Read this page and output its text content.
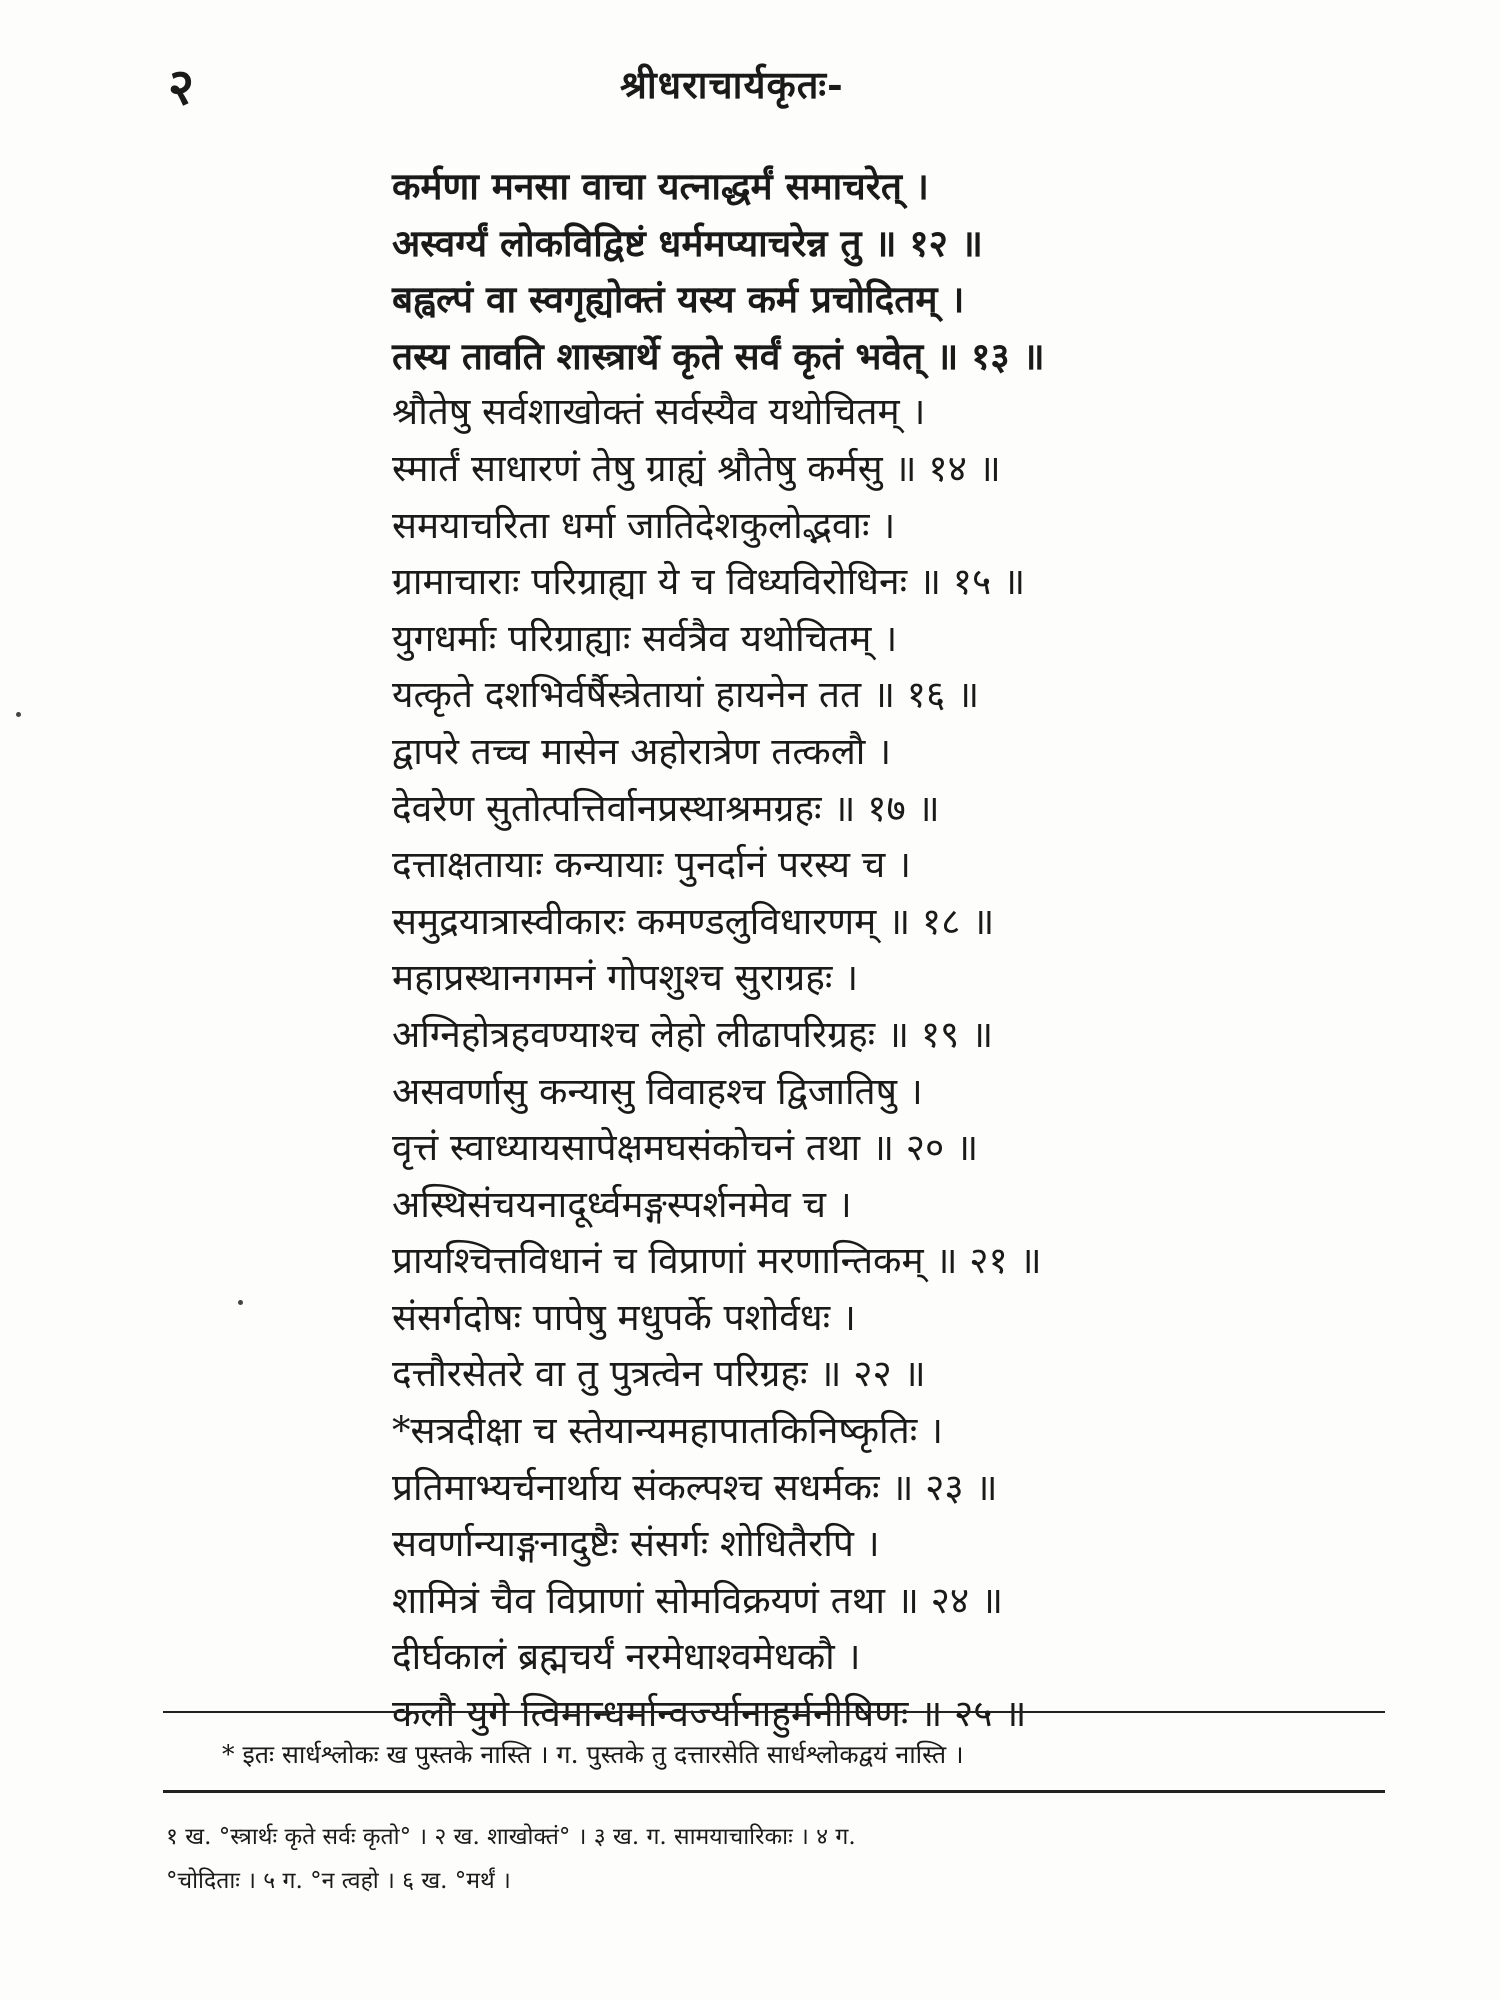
२	श्रीधराचार्यकृतः-
कर्मणा मनसा वाचा यत्नाद्धर्मं समाचरेत् ।
अस्वर्ग्यं लोकविद्विष्टं धर्ममप्याचरेन्न तु ॥ १२ ॥
बह्वल्पं वा स्वगृह्योक्तं यस्य कर्म प्रचोदितम् ।
तस्य तावति शास्त्रार्थे कृते सर्वं कृतं भवेत् ॥ १३ ॥
श्रौतेषु सर्वशाखोक्तं सर्वस्यैव यथोचितम् ।
स्मार्तं साधारणं तेषु ग्राह्यं श्रौतेषु कर्मसु ॥ १४ ॥
समयाचरिता धर्मा जातिदेशकुलोद्भवाः ।
ग्रामाचाराः परिग्राह्या ये च विध्यविरोधिनः ॥ १५ ॥
युगधर्माः परिग्राह्याः सर्वत्रैव यथोचितम् ।
यत्कृते दशभिर्वर्षैस्त्रेतायां हायनेन तत ॥ १६ ॥
द्वापरे तच्च मासेन अहोरात्रेण तत्कलौ ।
देवरेण सुतोत्पत्तिर्वानप्रस्थाश्रमग्रहः ॥ १७ ॥
दत्ताक्षतायाः कन्यायाः पुनर्दानं परस्य च ।
समुद्रयात्रास्वीकारः कमण्डलुविधारणम् ॥ १८ ॥
महाप्रस्थानगमनं गोपशुश्च सुराग्रहः ।
अग्निहोत्रहवण्याश्च लेहो लीढापरिग्रहः ॥ १९ ॥
असवर्णासु कन्यासु विवाहश्च द्विजातिषु ।
वृत्तं स्वाध्यायसापेक्षमघसंकोचनं तथा ॥ २० ॥
अस्थिसंचयनादूर्ध्वमङ्गस्पर्शनमेव च ।
प्रायश्चित्तविधानं च विप्राणां मरणान्तिकम् ॥ २१ ॥
संसर्गदोषः पापेषु मधुपर्के पशोर्वधः ।
दत्तौरसेतरे वा तु पुत्रत्वेन परिग्रहः ॥ २२ ॥
*सत्रदीक्षा च स्तेयान्यमहापातकिनिष्कृतिः ।
प्रतिमाभ्यर्चनार्थाय संकल्पश्च सधर्मकः ॥ २३ ॥
सवर्णान्याङ्गनादुष्टैः संसर्गः शोधितैरपि ।
शामित्रं चैव विप्राणां सोमविक्रयणं तथा ॥ २४ ॥
दीर्घकालं ब्रह्मचर्यं नरमेधाश्वमेधकौ ।
कलौ युगे त्विमान्धर्मान्वर्ज्यानाहुर्मनीषिणः ॥ २५ ॥
* इतः सार्धश्लोकः ख पुस्तके नास्ति । ग. पुस्तके तु दत्तारसेति सार्धश्लोकद्वयं नास्ति ।
१ ख. °स्त्रार्थः कृते सर्वः कृतो° । २ ख. शाखोक्तं° । ३ ख. ग. सामयाचारिकाः । ४ ग.
°चोदिताः । ५ ग. °न त्वहो । ६ ख. °मर्थं ।
